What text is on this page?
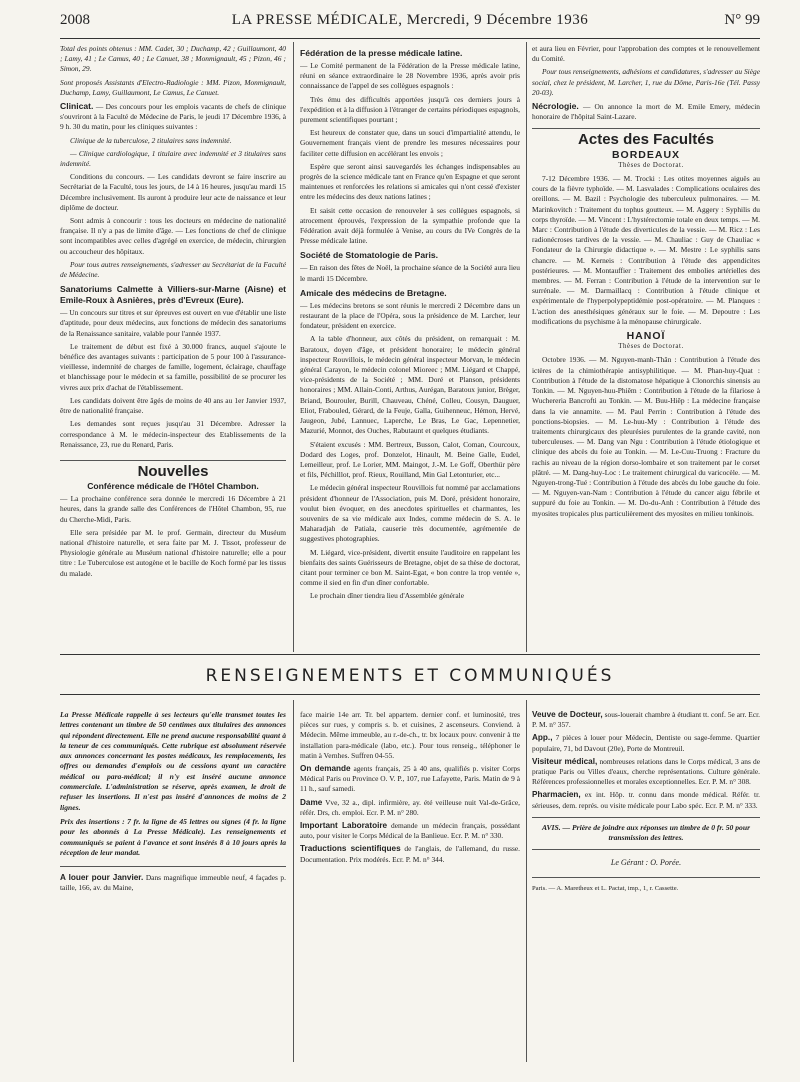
2008	LA PRESSE MÉDICALE, Mercredi, 9 Décembre 1936	N° 99

Total des points obtenus : MM. Cadet, 30 ; Duchamp, 42 ; Guillaumont, 40 ; Lamy, 41 ; Le Camus, 40 ; Le Canuet, 38 ; Monmignault, 45 ; Pizon, 46 ; Simon, 29.

Sont proposés Assistants d'Electro-Radiologie : MM. Pizon, Monmignault, Duchamp, Lamy, Guillaumont, Le Camus, Le Canuet.

Clinicat. — Des concours pour les emplois vacants de chefs de clinique s'ouvriront à la Faculté de Médecine de Paris, le jeudi 17 Décembre 1936, à 9 h. 30 du matin, pour les cliniques suivantes :

Clinique de la tuberculose, 2 titulaires sans indemnité.

— Clinique cardiologique, 1 titulaire avec indemnité et 3 titulaires sans indemnité.

Conditions du concours. — Les candidats devront se faire inscrire au Secrétariat de la Faculté, tous les jours, de 14 à 16 heures, jusqu'au mardi 15 Décembre inclusivement. Ils auront à produire leur acte de naissance et leur diplôme de docteur.

Sont admis à concourir : tous les docteurs en médecine de nationalité française. Il n'y a pas de limite d'âge. — Les fonctions de chef de clinique sont incompatibles avec celles d'agrégé en exercice, de médecin, chirurgien ou accoucheur des hôpitaux.

Pour tous autres renseignements, s'adresser au Secrétariat de la Faculté de Médecine.

Sanatoriums Calmette à Villiers-sur-Marne (Aisne) et Emile-Roux à Asnières, près d'Evreux (Eure).

— Un concours sur titres et sur épreuves est ouvert en vue d'établir une liste d'aptitude, pour deux médecins, aux fonctions de médecin des sanatoriums de la Renaissance sanitaire, valable pour l'année 1937.

Le traitement de début est fixé à 30.000 francs, auquel s'ajoute le bénéfice des avantages suivants : participation de 5 pour 100 à l'assurance-vieillesse, indemnité de charges de famille, logement, éclairage, chauffage et blanchissage pour le médecin et sa famille, possibilité de se procurer les vivres aux prix d'achat de l'établissement.

Les candidats doivent être âgés de moins de 40 ans au 1er Janvier 1937, être de nationalité française.

Les demandes sont reçues jusqu'au 31 Décembre. Adresser la correspondance à M. le médecin-inspecteur des Etablissements de la Renaissance, 23, rue du Renard, Paris.

Nouvelles
Conférence médicale de l'Hôtel Chambon.

— La prochaine conférence sera donnée le mercredi 16 Décembre à 21 heures, dans la grande salle des Conférences de l'Hôtel Chambon, 95, rue du Cherche-Midi, Paris.

Elle sera présidée par M. le prof. Germain, directeur du Muséum national d'histoire naturelle, et sera faite par M. J. Tissot, professeur de Physiologie générale au Muséum national d'histoire naturelle; elle a pour titre : Le Tuberculose est autogène et le bacille de Koch formé par les tissus du malade.

Fédération de la presse médicale latine.

— Le Comité permanent de la Fédération de la Presse médicale latine, réuni en séance extraordinaire le 28 Novembre 1936, après avoir pris connaissance de l'appel de ses collègues espagnols :

Très ému des difficultés apportées jusqu'à ces derniers jours à l'expédition et à la diffusion à l'étranger de certains périodiques espagnols, purement scientifiques pourtant ;

Est heureux de constater que, dans un souci d'impartialité attendu, le Gouvernement français vient de prendre les mesures nécessaires pour faciliter cette diffusion en accélérant les envois ;

Espère que seront ainsi sauvegardés les échanges indispensables au progrès de la science médicale tant en France qu'en Espagne et que seront maintenues et renforcées les relations si amicales qui n'ont cessé d'exister entre les médecins des deux nations latines ;

Et saisit cette occasion de renouveler à ses collègues espagnols, si atrocement éprouvés, l'expression de la sympathie profonde que la Fédération avait déjà formulée à Venise, au cours du IVe Congrès de la Presse médicale latine.

Société de Stomatologie de Paris.

— En raison des fêtes de Noël, la prochaine séance de la Société aura lieu le mardi 15 Décembre.

Amicale des médecins de Bretagne.

— Les médecins bretons se sont réunis le mercredi 2 Décembre dans un restaurant de la place de l'Opéra, sous la présidence de M. Larcher, leur fondateur, président en exercice.

A la table d'honneur, aux côtés du président, on remarquait : M. Baratoux, doyen d'âge, et président honoraire; le médecin général inspecteur Rouvillois, le médecin général inspecteur Morvan, le médecin général Carayon, le médecin colonel Mioreec ; MM. Liégard et Chappé, vice-présidents de la Société ; MM. Doré et Planson, présidents honoraires ; MM. Allain-Conti, Arthus, Aurégan, Baratoux junior, Brèger, Briand, Bourouler, Burill, Chauveau, Chéné, Colleu, Cousyn, Dauguer, Eliot, Frabouled, Gérard, de la Feuje, Galla, Guihenneuc, Hémon, Hervé, Jaugeon, Jubé, Lannuec, Laperche, Le Bras, Le Gac, Lepennetier, Mazurié, Monnot, des Ouches, Rabutaunt et quelques étudiants.

S'étaient excusés : MM. Bertreux, Busson, Calot, Coman, Courcoux, Dodard des Loges, prof. Donzelot, Hinault, M. Beine Galle, Eudel, Lemeilleur, prof. Le Lorier, MM. Maingot, J.-M. Le Goff, Oberthür père et fils, Péchilllot, prof. Rieux, Rouilland, Min Gal Letonturier, etc...

Le médecin général inspecteur Rouvillois fut nommé par acclamations président d'honneur de l'Association, puis M. Doré, président honoraire, voulut bien évoquer, en des anecdotes spirituelles et charmantes, les souvenirs de sa vie médicale aux Indes, comme médecin de S. A. le Maharadjah de Patiala, causerie très documentée, agrémentée de suggestives photographies.

M. Liégard, vice-président, divertit ensuite l'auditoire en rappelant les bienfaits des saints Guérisseurs de Bretagne, objet de sa thèse de doctorat, citant pour terminer ce bon M. Saint-Egat, « bon contre la trop ventée », comme il sied en fin d'un dîner confortable.

Le prochain dîner tiendra lieu d'Assemblée générale

et aura lieu en Février, pour l'approbation des comptes et le renouvellement du Comité.

Pour tous renseignements, adhésions et candidatures, s'adresser au Siège social, chez le président, M. Larcher, 1, rue du Dôme, Paris-16e (Tél. Passy 20-03).

Nécrologie. — On annonce la mort de M. Emile Emery, médecin honoraire de l'hôpital Saint-Lazare.

Actes des Facultés
BORDEAUX

Thèses de Doctorat.

7-12 Décembre 1936. — M. Trocki : Les otites moyennes aiguës au cours de la fièvre typhoïde. — M. Lasvalades : Complications oculaires des oreillons. — M. Bazil : Psychologie des tuberculeux pulmonaires. — M. Marinkovitch : Traitement du tophus goutteux. — M. Aggery : Syphilis du corps thyroïde. — M. Vincent : L'hystérectomie totale en deux temps. — M. Marc : Contribution à l'étude des diverticules de la vessie. — M. Ricz : Les radionécroses tardives de la vessie. — M. Chauliac : Guy de Chauliac « Fondateur de la Chirurgie didactique ». — M. Mestre : Le syphilis sans chancre. — M. Kerneis : Contribution à l'étude des appendicites postérieures. — M. Montauffier : Traitement des embolies artérielles des membres. — M. Ferran : Contribution à l'étude de la intervention sur le surrénale. — M. Darmaillacq : Contribution à l'étude clinique et expérimentale de l'hyperpolypeptidémie post-opératoire. — M. Planques : L'action des anesthésiques généraux sur le foie. — M. Depoutre : Les modifications du psychisme à la ménopause chirurgicale.

HANOÏ

Thèses de Doctorat.

Octobre 1936. — M. Nguyen-manh-Thân : Contribution à l'étude des ictères de la chimiothérapie antisyphilitique. — M. Phan-huy-Quat : Contribution à l'étude de la distomatose hépatique à Clonorchis sinensis au Tonkin. — M. Nguyen-huu-Phiêm : Contribution à l'étude de la filariose à Wuchereria Bancrofti au Tonkin. — M. Buu-Hiêp : La médecine française dans la vie annamite. — M. Paul Perrin : Contribution à l'étude des ponctions-biopsies. — M. Le-huu-My : Contribution à l'étude des traitements chirurgicaux des pleurésies purulentes de la grande cavité, non tuberculeuses. — M. Dang van Ngu : Contribution à l'étude étiologique et clinique des abcès du foie au Tonkin. — M. Le-Cuu-Truong : Fracture du rachis au niveau de la région dorso-lombaire et son traitement par le corset plâtré. — M. Dang-huy-Loc : Le traitement chirurgical du varicocèle. — M. Nguyen-trong-Tué : Contribution à l'étude des abcès du lobe gauche du foie. — M. Nguyen-van-Nam : Contribution à l'étude du cancer aigu fébrile et suppuré du foie au Tonkin. — M. Do-du-Anh : Contribution à l'étude des myosites tropicales plus particulièrement des myosites en milieu tonkinois.

RENSEIGNEMENTS ET COMMUNIQUÉS

La Presse Médicale rappelle à ses lecteurs qu'elle transmet toutes les lettres contenant un timbre de 50 centimes aux titulaires des annonces qui répondent directement. Elle ne prend aucune responsabilité quant à la teneur de ces communiqués. Cette rubrique est absolument réservée aux annonces concernant les postes médicaux, les remplacements, les offres ou demandes d'emplois ou de cessions ayant un caractère médical ou para-médical; il n'y est inséré aucune annonce commerciale. L'administration se réserve, après examen, le droit de refuser les insertions. Il n'est pas inséré d'annonces de moins de 2 lignes.

Prix des insertions : 7 fr. la ligne de 45 lettres ou signes (4 fr. la ligne pour les abonnés à La Presse Médicale). Les renseignements et communiqués se paient à l'avance et sont insérés 8 à 10 jours après la réception de leur mandat.

A louer pour Janvier. Dans magnifique immeuble neuf, 4 façades p. taille, 166, av. du Maine,

face mairie 14e arr. Tr. bel appartem. dernier conf. et luminosité, tres pièces sur rues, y compris s. b. et cuisines, 2 ascenseurs. Conviend. à Médecin. Même immeuble, au r.-de-ch., tr. bx locaux pouv. convenir à tte installation para-médicale (labo, etc.). Pour tous renseig., téléphoner le matin à Vernhes. Suffren 04-55.

On demande agents français, 25 à 40 ans, qualifiés p. visiter Corps Médical Paris ou Province O. V. P., 107, rue Lafayette, Paris. Matin de 9 à 11 h., sauf samedi.

Dame Vve, 32 a., dipl. infirmière, ay. été veilleuse nuit Val-de-Grâce, référ. Drs, ch. emploi. Ecr. P. M. n° 280.

Important Laboratoire demande un médecin français, possédant auto, pour visiter le Corps Médical de la Banlieue. Ecr. P. M. n° 330.

Traductions scientifiques de l'anglais, de l'allemand, du russe. Documentation. Prix modérés. Ecr. P. M. n° 344.

Veuve de Docteur, sous-louerait chambre à étudiant tt. conf. 5e arr. Ecr. P. M. n° 357.

App., 7 pièces à louer pour Médecin, Dentiste ou sage-femme. Quartier populaire, 71, bd Davout (20e), Porte de Montreuil.

Visiteur médical, nombreuses relations dans le Corps médical, 3 ans de pratique Paris ou Villes d'eaux, cherche représentations. Culture générale. Références professionnelles et morales exceptionnelles. Ecr. P. M. n° 308.

Pharmacien, ex int. Hôp. tr. connu dans monde médical. Référ. tr. sérieuses, dem. représ. ou visite médicale pour Labo spéc. Ecr. P. M. n° 333.

AVIS. — Prière de joindre aux réponses un timbre de 0 fr. 50 pour transmission des lettres.

Le Gérant : O. Porée.

Paris. — A. Maretheux et L. Pactat, imp., 1, r. Cassette.
